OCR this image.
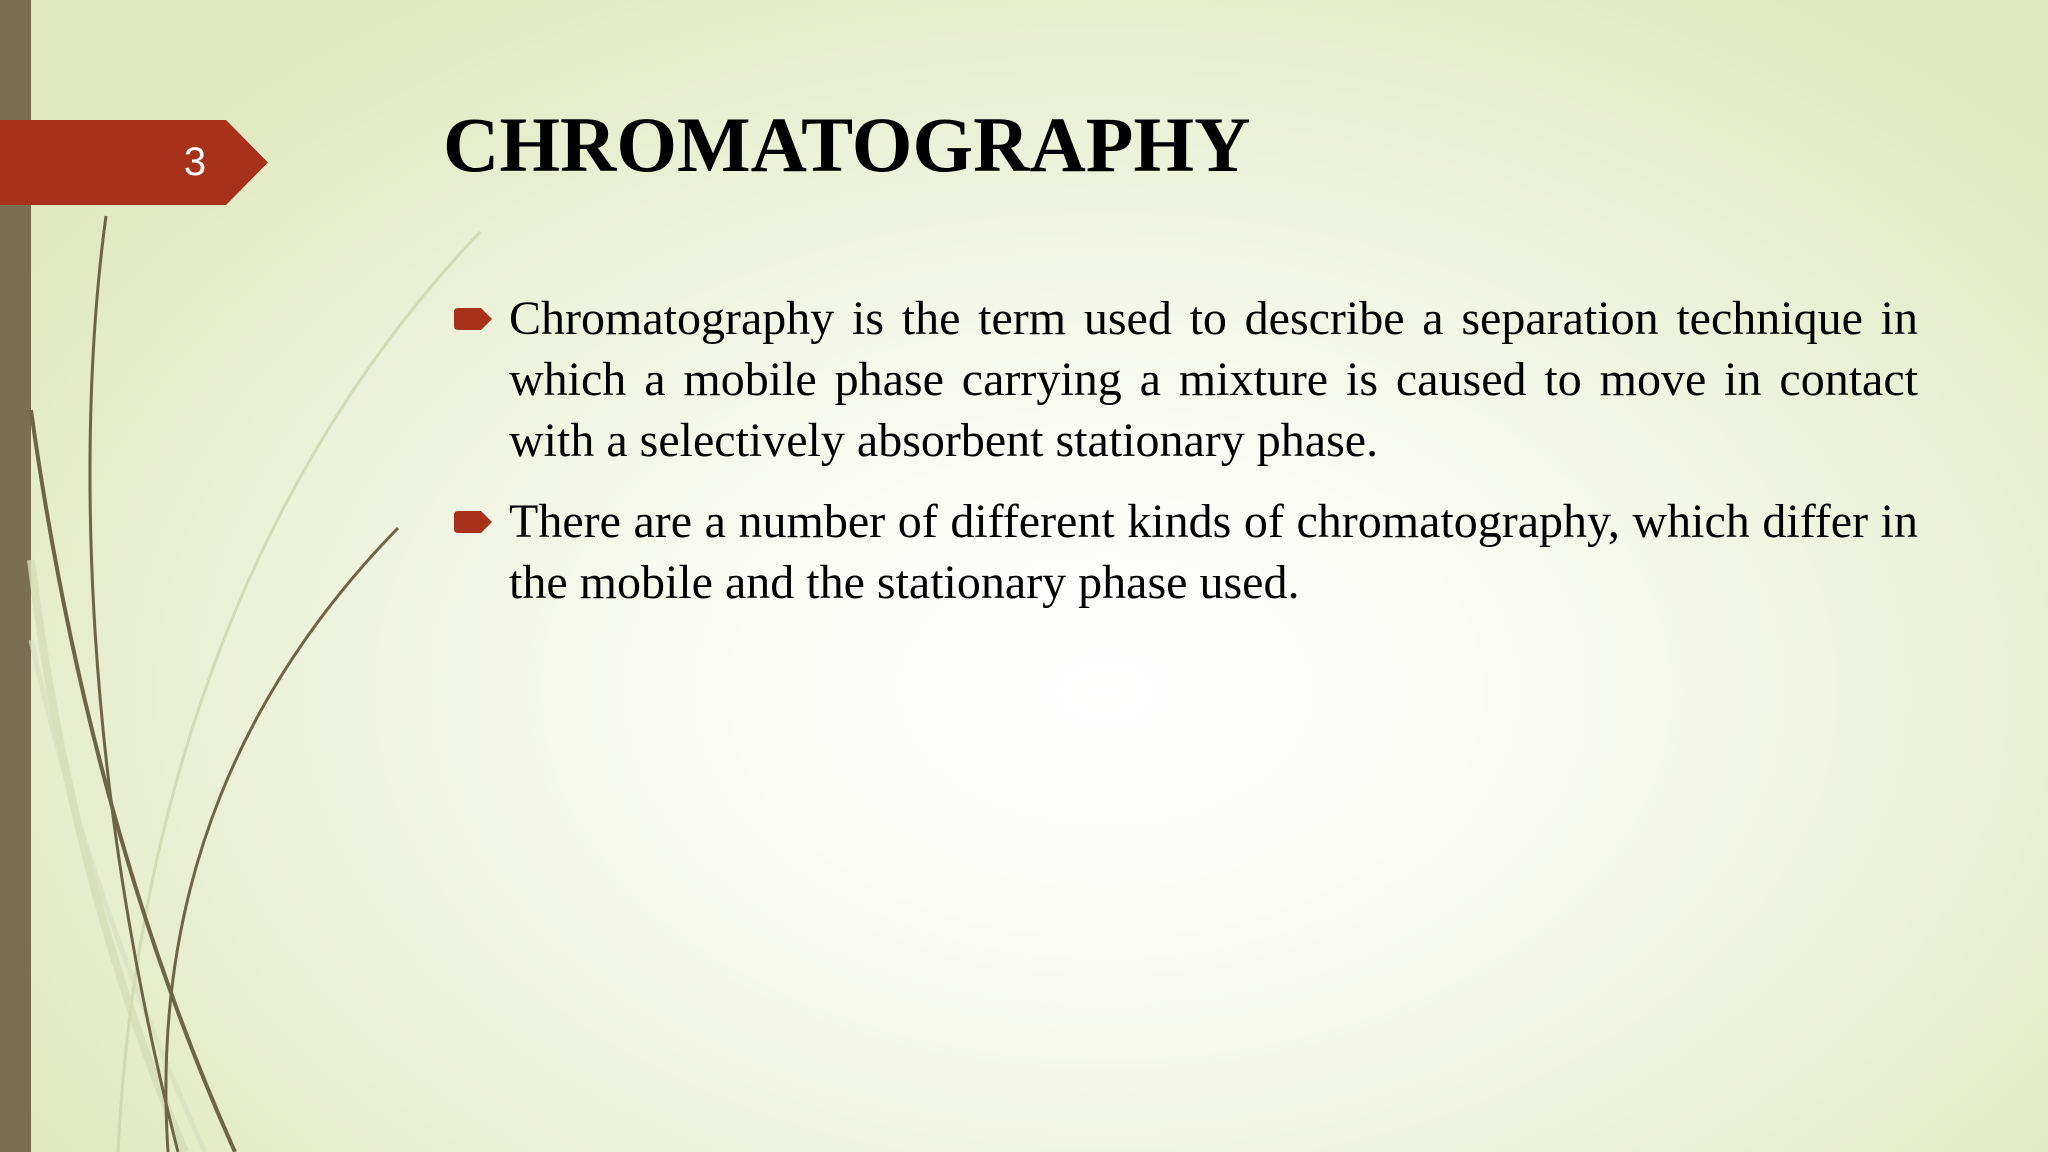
3	CHROMATOGRAPHY
Chromatography is the term used to describe a separation technique in which a mobile phase carrying a mixture is caused to move in contact with a selectively absorbent stationary phase.
There are a number of different kinds of chromatography, which differ in the mobile and the stationary phase used.
